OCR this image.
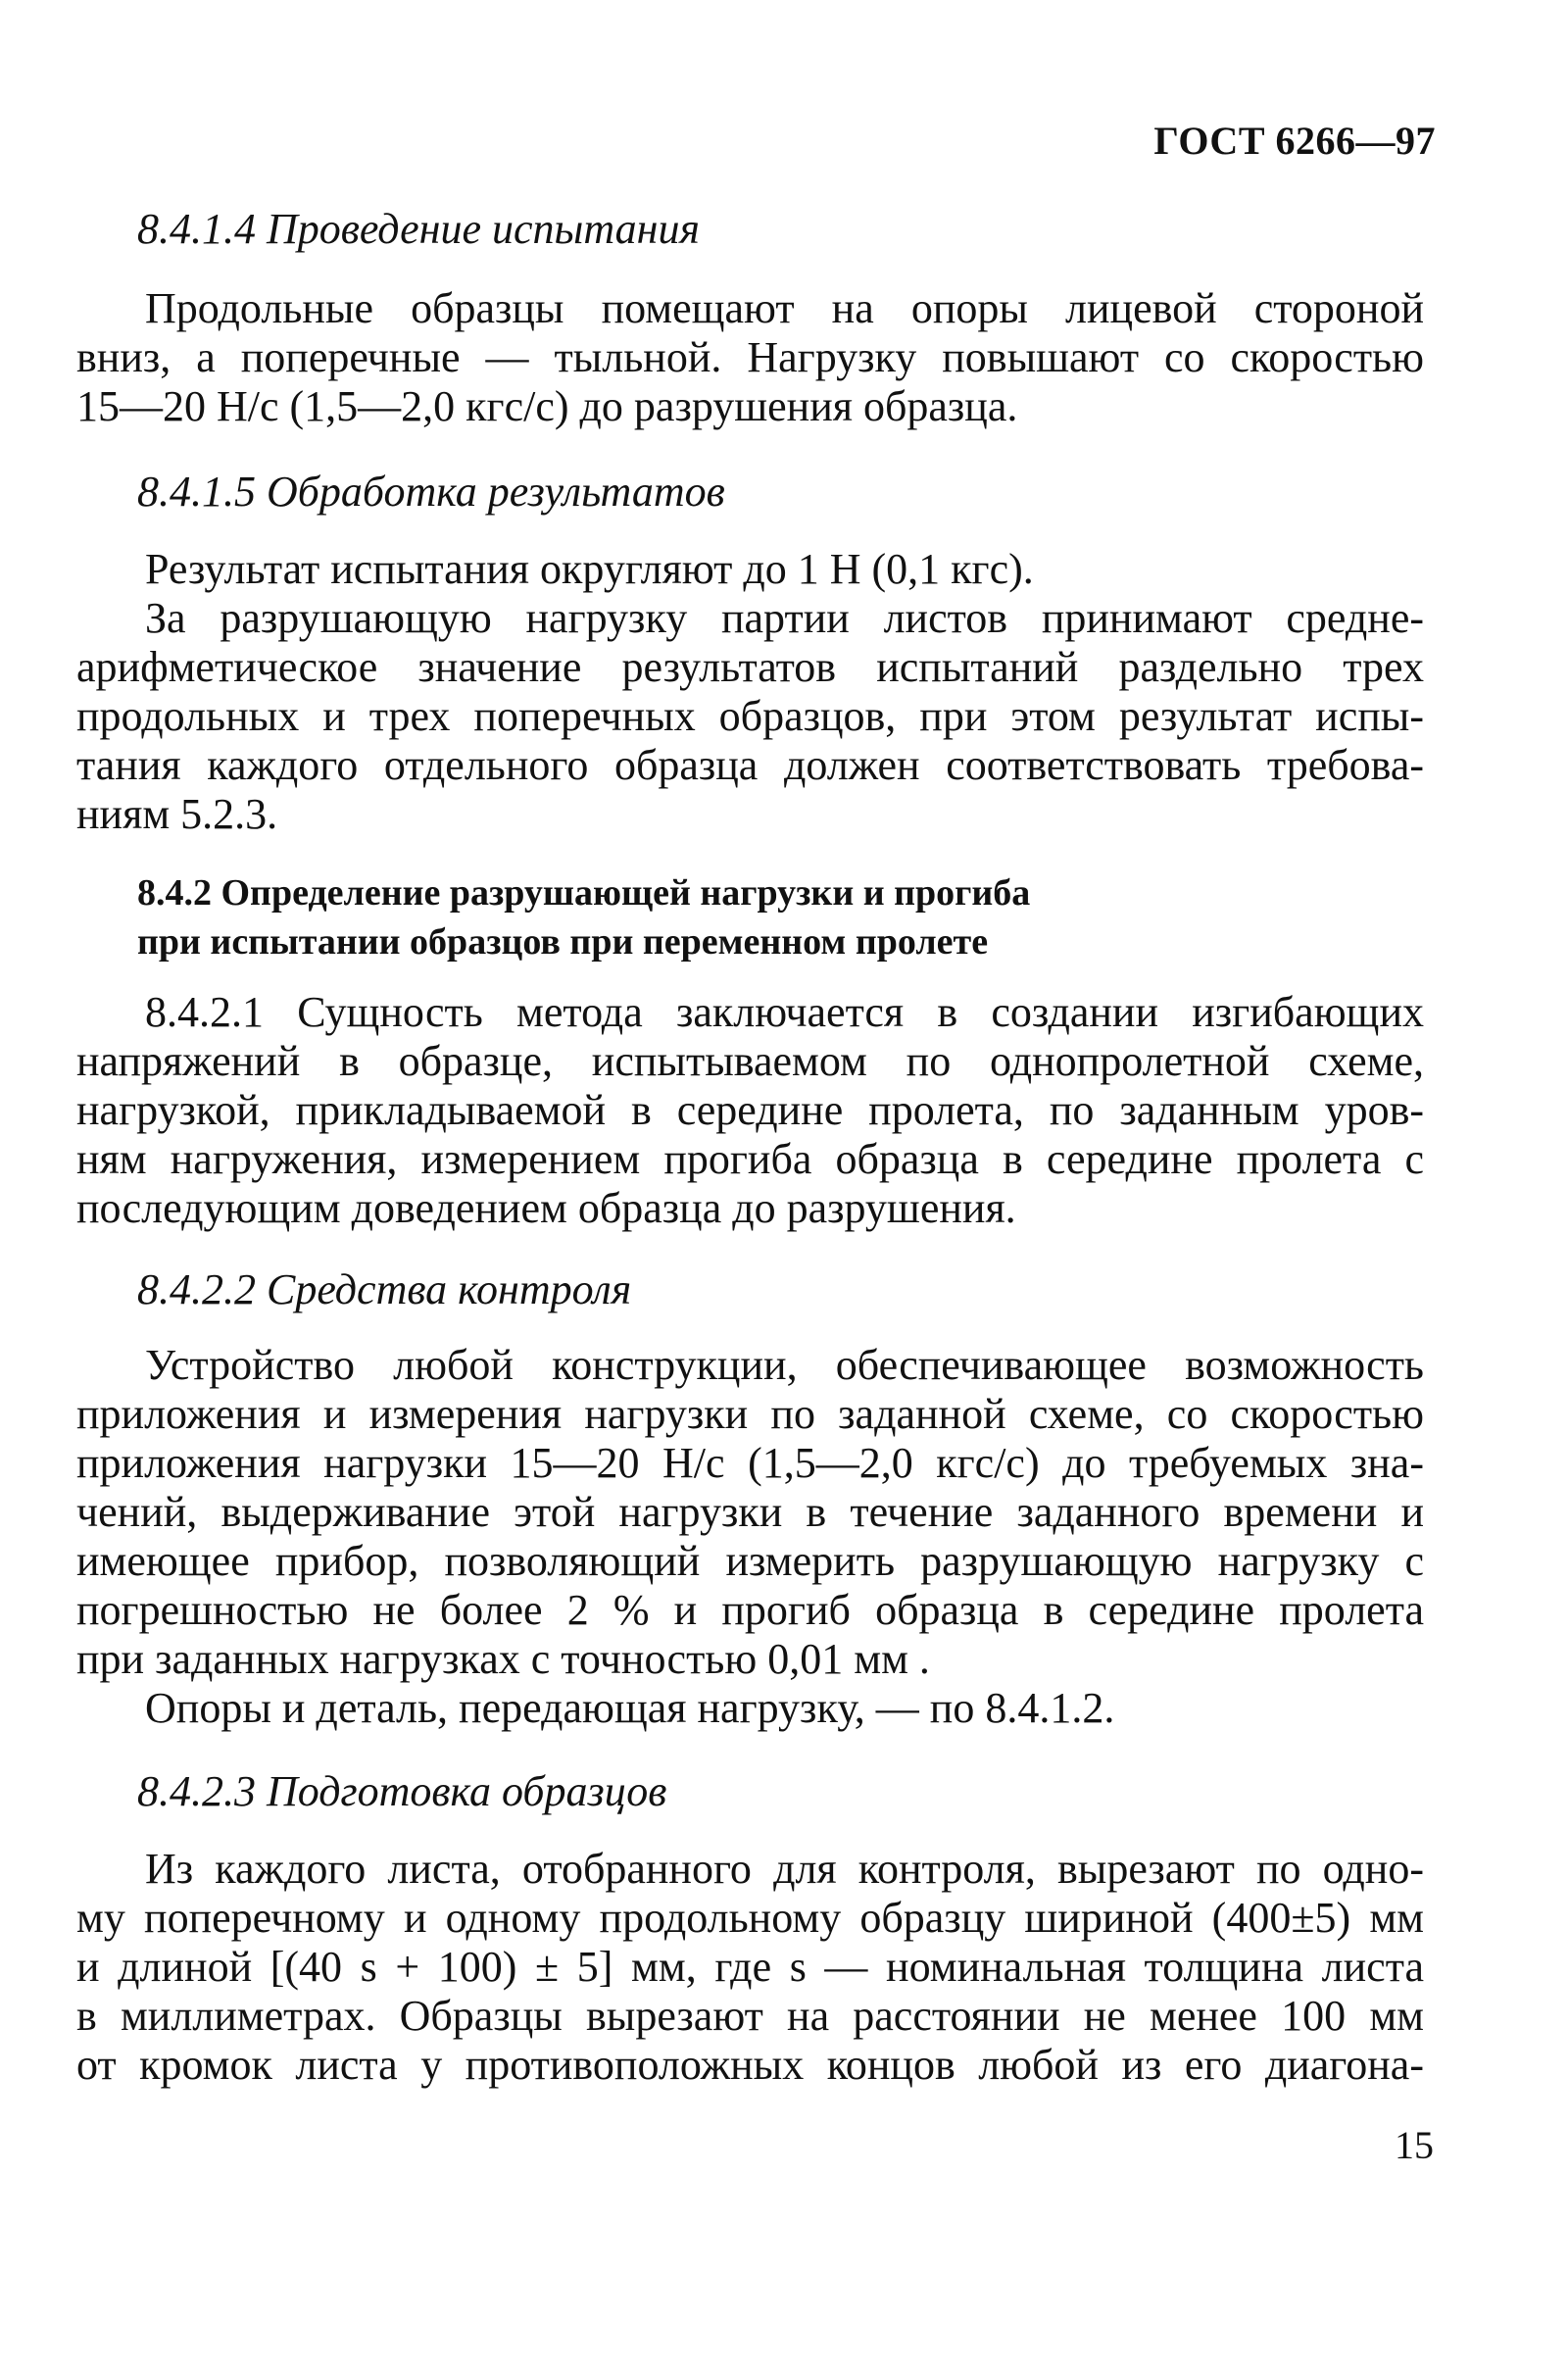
ГОСТ 6266—97
8.4.1.4 Проведение испытания
Продольные образцы помещают на опоры лицевой стороной
вниз, а поперечные — тыльной. Нагрузку повышают со скоростью
15—20 Н/с (1,5—2,0 кгс/с) до разрушения образца.
8.4.1.5 Обработка результатов
Результат испытания округляют до 1 Н (0,1 кгс).
За разрушающую нагрузку партии листов принимают средне-
арифметическое значение результатов испытаний раздельно трех
продольных и трех поперечных образцов, при этом результат испы-
тания каждого отдельного образца должен соответствовать требова-
ниям 5.2.3.
8.4.2 Определение разрушающей нагрузки и прогиба
при испытании образцов при переменном пролете
8.4.2.1 Сущность метода заключается в создании изгибающих
напряжений в образце, испытываемом по однопролетной схеме,
нагрузкой, прикладываемой в середине пролета, по заданным уров-
ням нагружения, измерением прогиба образца в середине пролета с
последующим доведением образца до разрушения.
8.4.2.2 Средства контроля
Устройство любой конструкции, обеспечивающее возможность
приложения и измерения нагрузки по заданной схеме, со скоростью
приложения нагрузки 15—20 Н/с (1,5—2,0 кгс/с) до требуемых зна-
чений, выдерживание этой нагрузки в течение заданного времени и
имеющее прибор, позволяющий измерить разрушающую нагрузку с
погрешностью не более 2 % и прогиб образца в середине пролета
при заданных нагрузках с точностью 0,01 мм .
Опоры и деталь, передающая нагрузку, — по 8.4.1.2.
8.4.2.3 Подготовка образцов
Из каждого листа, отобранного для контроля, вырезают по одно-
му поперечному и одному продольному образцу шириной (400±5) мм
и длиной [(40 s + 100) ± 5] мм, где s — номинальная толщина листа
в миллиметрах. Образцы вырезают на расстоянии не менее 100 мм
от кромок листа у противоположных концов любой из его диагона-
15
